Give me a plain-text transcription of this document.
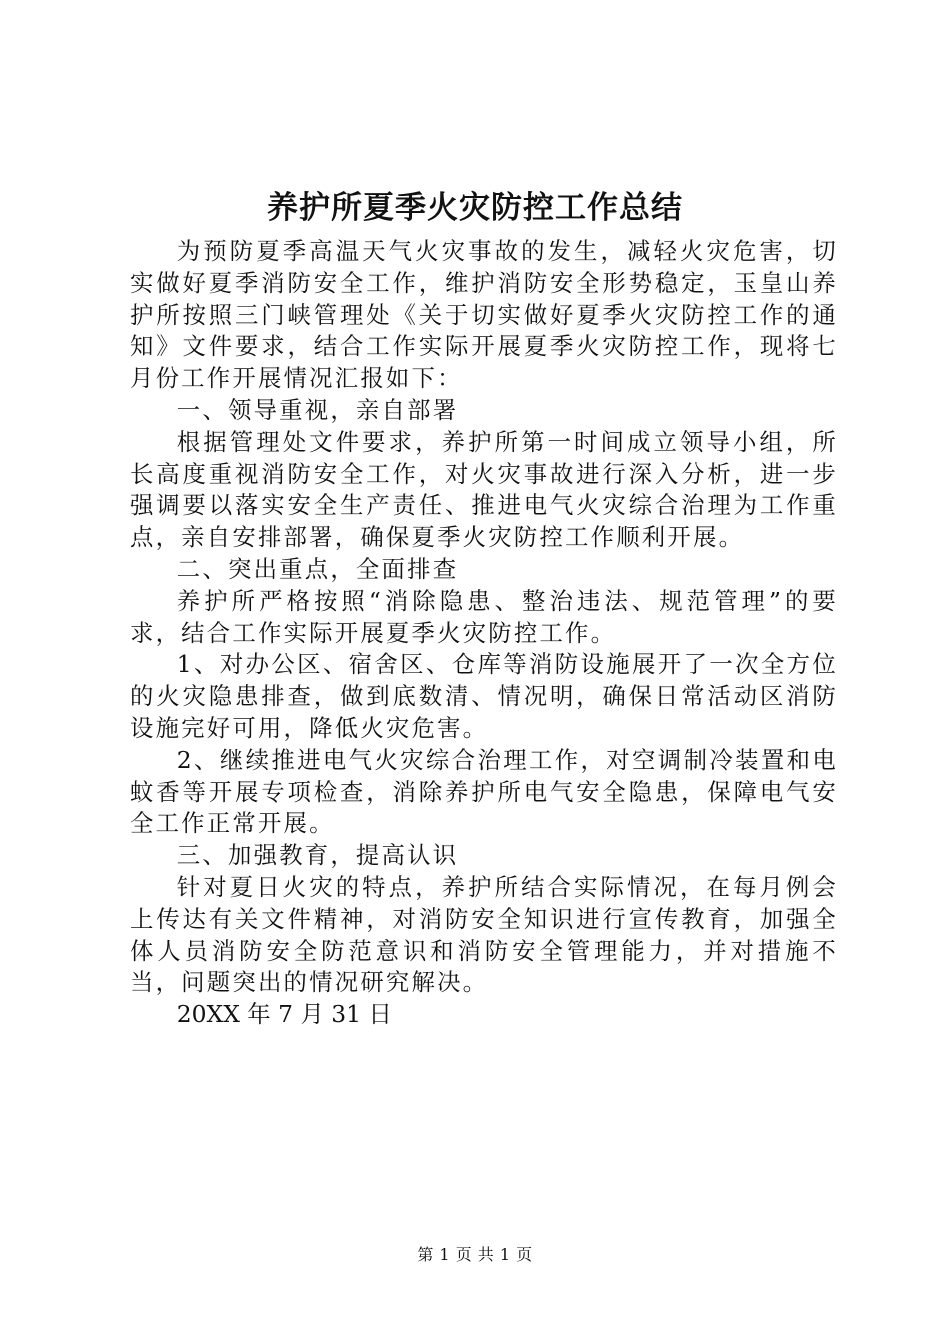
养护所夏季火灾防控工作总结

为预防夏季高温天气火灾事故的发生，减轻火灾危害，切实做好夏季消防安全工作，维护消防安全形势稳定，玉皇山养护所按照三门峡管理处《关于切实做好夏季火灾防控工作的通知》文件要求，结合工作实际开展夏季火灾防控工作，现将七月份工作开展情况汇报如下：

一、领导重视，亲自部署

根据管理处文件要求，养护所第一时间成立领导小组，所长高度重视消防安全工作，对火灾事故进行深入分析，进一步强调要以落实安全生产责任、推进电气火灾综合治理为工作重点，亲自安排部署，确保夏季火灾防控工作顺利开展。

二、突出重点，全面排查

养护所严格按照“消除隐患、整治违法、规范管理”的要求，结合工作实际开展夏季火灾防控工作。

1、对办公区、宿舍区、仓库等消防设施展开了一次全方位的火灾隐患排查，做到底数清、情况明，确保日常活动区消防设施完好可用，降低火灾危害。

2、继续推进电气火灾综合治理工作，对空调制冷装置和电蚊香等开展专项检查，消除养护所电气安全隐患，保障电气安全工作正常开展。

三、加强教育，提高认识

针对夏日火灾的特点，养护所结合实际情况，在每月例会上传达有关文件精神，对消防安全知识进行宣传教育，加强全体人员消防安全防范意识和消防安全管理能力，并对措施不当，问题突出的情况研究解决。

20XX 年 7 月 31 日

第 1 页 共 1 页
